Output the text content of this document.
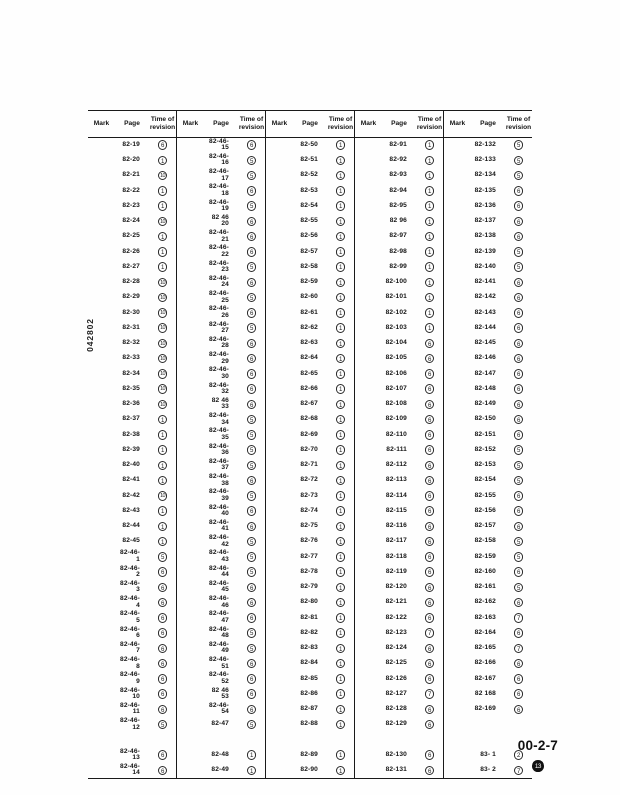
042802
Mark	Page	Time of
revision	Mark	Page	Time of
revision	Mark	Page	Time of
revision	Mark	Page	Time of
revision	Mark	Page	Time of
revision
	82-19	6		82-46-15	6		82-50	1		82-91	1		82-132	5
	82-20	1		82-46-16	5		82-51	1		82-92	1		82-133	5
	82-21	10		82-46-17	5		82-52	1		82-93	1		82-134	5
	82-22	1		82-46-18	6		82-53	1		82-94	1		82-135	6
	82-23	1		82-46-19	5		82-54	1		82-95	1		82-136	6
	82-24	10		82 46 20	6		82-55	1		82 96	1		82-137	6
	82-25	1		82-46-21	6		82-56	1		82-97	1		82-138	6
	82-26	1		82-46-22	6		82-57	1		82-98	1		82-139	5
	82-27	1		82-46-23	5		82-58	1		82-99	1		82-140	5
	82-28	10		82-46-24	6		82-59	1		82-100	1		82-141	6
	82-29	10		82-46-25	5		82-60	1		82-101	1		82-142	6
	82-30	10		82-46-26	6		82-61	1		82-102	1		82-143	6
	82-31	10		82-46-27	5		82-62	1		82-103	1		82-144	6
	82-32	10		82-46-28	6		82-63	1		82-104	6		82-145	6
	82-33	10		82-46-29	6		82-64	1		82-105	6		82-146	6
	82-34	10		82-46-30	6		82-65	1		82-106	6		82-147	6
	82-35	10		82-46-32	6		82-66	1		82-107	6		82-148	6
	82-36	10		82 46 33	6		82-67	1		82-108	6		82-149	6
	82-37	1		82-46-34	5		82-68	1		82-109	6		82-150	6
	82-38	1		82-46-35	5		82-69	1		82-110	6		82-151	6
	82-39	1		82-46-36	5		82-70	1		82-111	6		82-152	5
	82-40	1		82-46-37	5		82-71	1		82-112	6		82-153	5
	82-41	1		82-46-38	6		82-72	1		82-113	6		82-154	5
	82-42	10		82-46-39	5		82-73	1		82-114	6		82-155	6
	82-43	1		82-46-40	6		82-74	1		82-115	6		82-156	6
	82-44	1		82-46-41	6		82-75	1		82-116	6		82-157	6
	82-45	1		82-46-42	5		82-76	1		82-117	6		82-158	5
	82-46- 1	5		82-46-43	5		82-77	1		82-118	6		82-159	5
	82-46- 2	6		82-46-44	5		82-78	1		82-119	6		82-160	6
	82-46- 3	6		82-46-45	6		82-79	1		82-120	6		82-161	5
	82-46- 4	6		82-46-46	6		82-80	1		82-121	6		82-162	6
	82-46- 5	6		82-46-47	6		82-81	1		82-122	6		82-163	7
	82-46- 6	6		82-46-48	5		82-82	1		82-123	7		82-164	6
	82-46- 7	6		82-46-49	5		82-83	1		82-124	6		82-165	7
	82-46- 8	6		82-46-51	6		82-84	1		82-125	6		82-166	6
	82-46- 9	6		82-46-52	6		82-85	1		82-126	6		82-167	6
	82-46-10	6		82 46 53	6		82-86	1		82-127	7		82 168	6
	82-46-11	6		82-46-54	6		82-87	1		82-128	6		82-169	6
	82-46-12	5		82-47	5		82-88	1		82-129	6			

	82-46-13	6		82-48	1		82-89	1		82-130	6		83- 1	2
	82-46-14	6		82-49	1		82-90	1		82-131	6		83- 2	7
00-2-7
13
